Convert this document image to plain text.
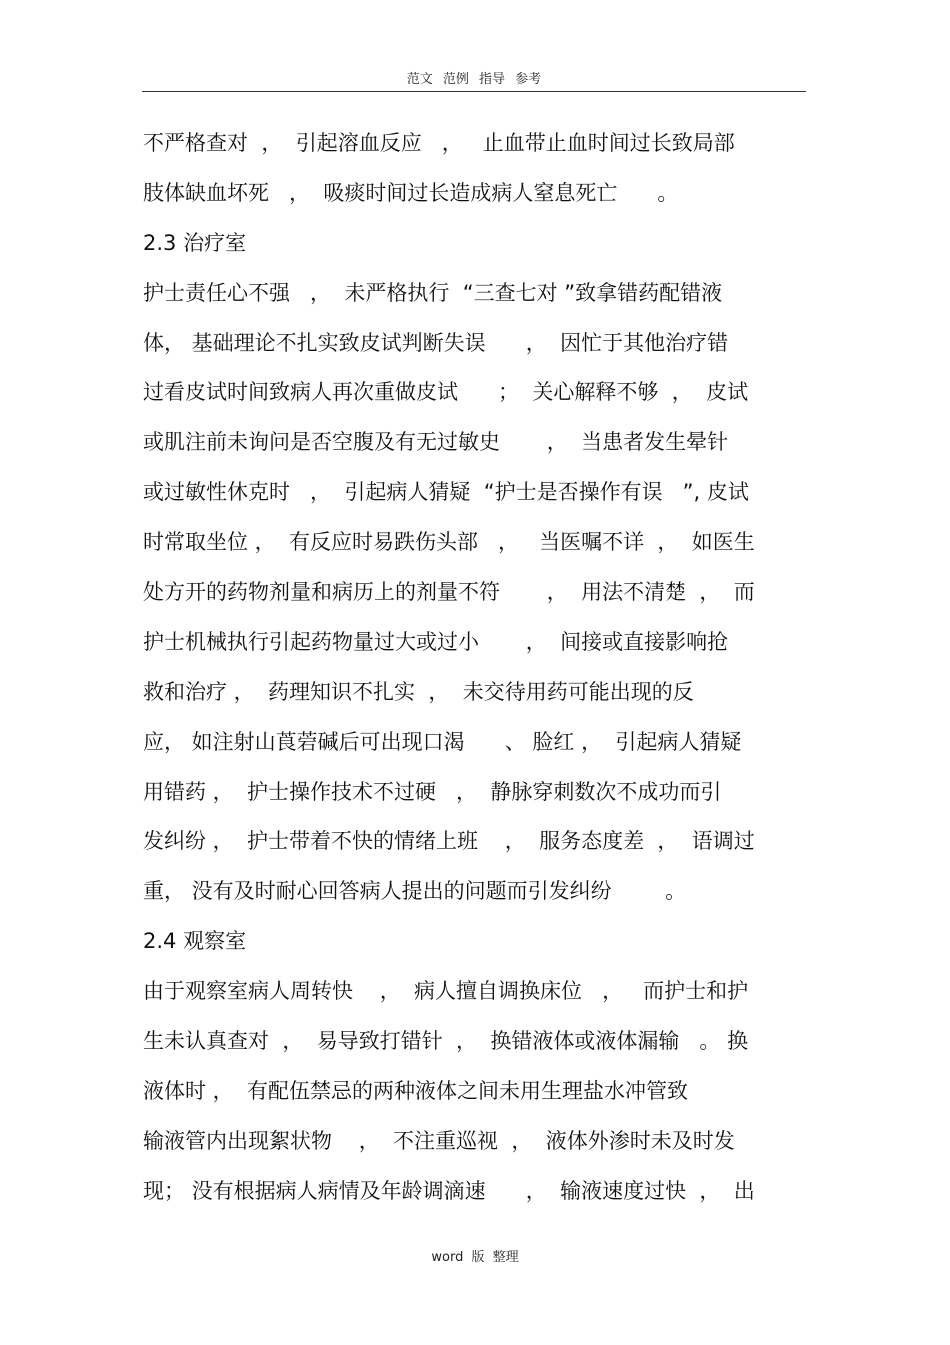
范文 范例 指导 参考
不严格查对  ，  引起溶血反应   ，   止血带止血时间过长致局部
肢体缺血坏死   ，  吸痰时间过长造成病人窒息死亡      。
2.3 治疗室
护士责任心不强   ，  未严格执行  “三查七对 ”致拿错药配错液
体， 基础理论不扎实致皮试判断失误      ，  因忙于其他治疗错
过看皮试时间致病人再次重做皮试      ；  关心解释不够  ，  皮试
或肌注前未询问是否空腹及有无过敏史       ，  当患者发生晕针
或过敏性休克时   ，  引起病人猜疑  “护士是否操作有误   ”, 皮试
时常取坐位 ，  有反应时易跌伤头部   ，   当医嘱不详  ，  如医生
处方开的药物剂量和病历上的剂量不符       ，  用法不清楚  ，  而
护士机械执行引起药物量过大或过小       ，  间接或直接影响抢
救和治疗 ，  药理知识不扎实  ，  未交待用药可能出现的反
应， 如注射山莨菪碱后可出现口渴      、 脸红 ，  引起病人猜疑
用错药 ，  护士操作技术不过硬   ，  静脉穿刺数次不成功而引
发纠纷 ，  护士带着不快的情绪上班    ，  服务态度差  ，  语调过
重， 没有及时耐心回答病人提出的问题而引发纠纷        。
2.4 观察室
由于观察室病人周转快    ，  病人擅自调换床位   ，   而护士和护
生未认真查对  ，  易导致打错针  ，  换错液体或液体漏输   。 换
液体时 ，  有配伍禁忌的两种液体之间未用生理盐水冲管致
输液管内出现絮状物    ，  不注重巡视  ，  液体外渗时未及时发
现； 没有根据病人病情及年龄调滴速      ，  输液速度过快  ，  出
word 版 整理
